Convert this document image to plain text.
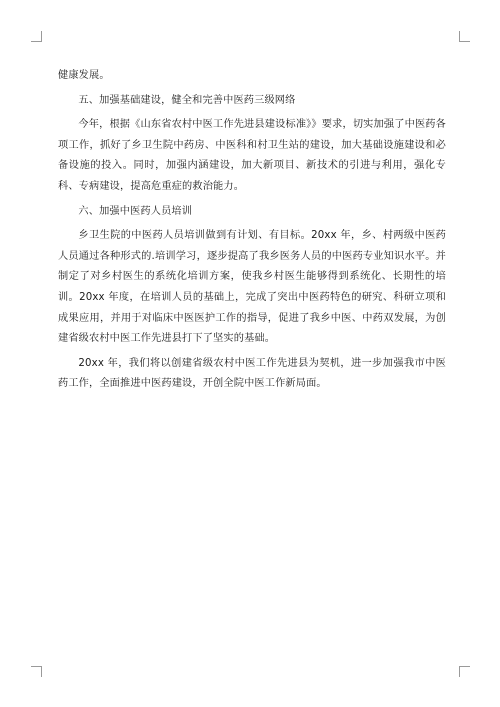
健康发展。

五、加强基础建设，健全和完善中医药三级网络

今年，根据《山东省农村中医工作先进县建设标准》》要求，切实加强了中医药各项工作，抓好了乡卫生院中药房、中医科和村卫生站的建设，加大基础设施建设和必备设施的投入。同时，加强内涵建设，加大新项目、新技术的引进与利用，强化专科、专病建设，提高危重症的救治能力。

六、加强中医药人员培训

乡卫生院的中医药人员培训做到有计划、有目标。20xx 年，乡、村两级中医药人员通过各种形式的.培训学习，逐步提高了我乡医务人员的中医药专业知识水平。并制定了对乡村医生的系统化培训方案，使我乡村医生能够得到系统化、长期性的培训。20xx 年度，在培训人员的基础上，完成了突出中医药特色的研究、科研立项和成果应用，并用于对临床中医医护工作的指导，促进了我乡中医、中药双发展，为创建省级农村中医工作先进县打下了坚实的基础。

20xx 年，我们将以创建省级农村中医工作先进县为契机，进一步加强我市中医药工作，全面推进中医药建设，开创全院中医工作新局面。
